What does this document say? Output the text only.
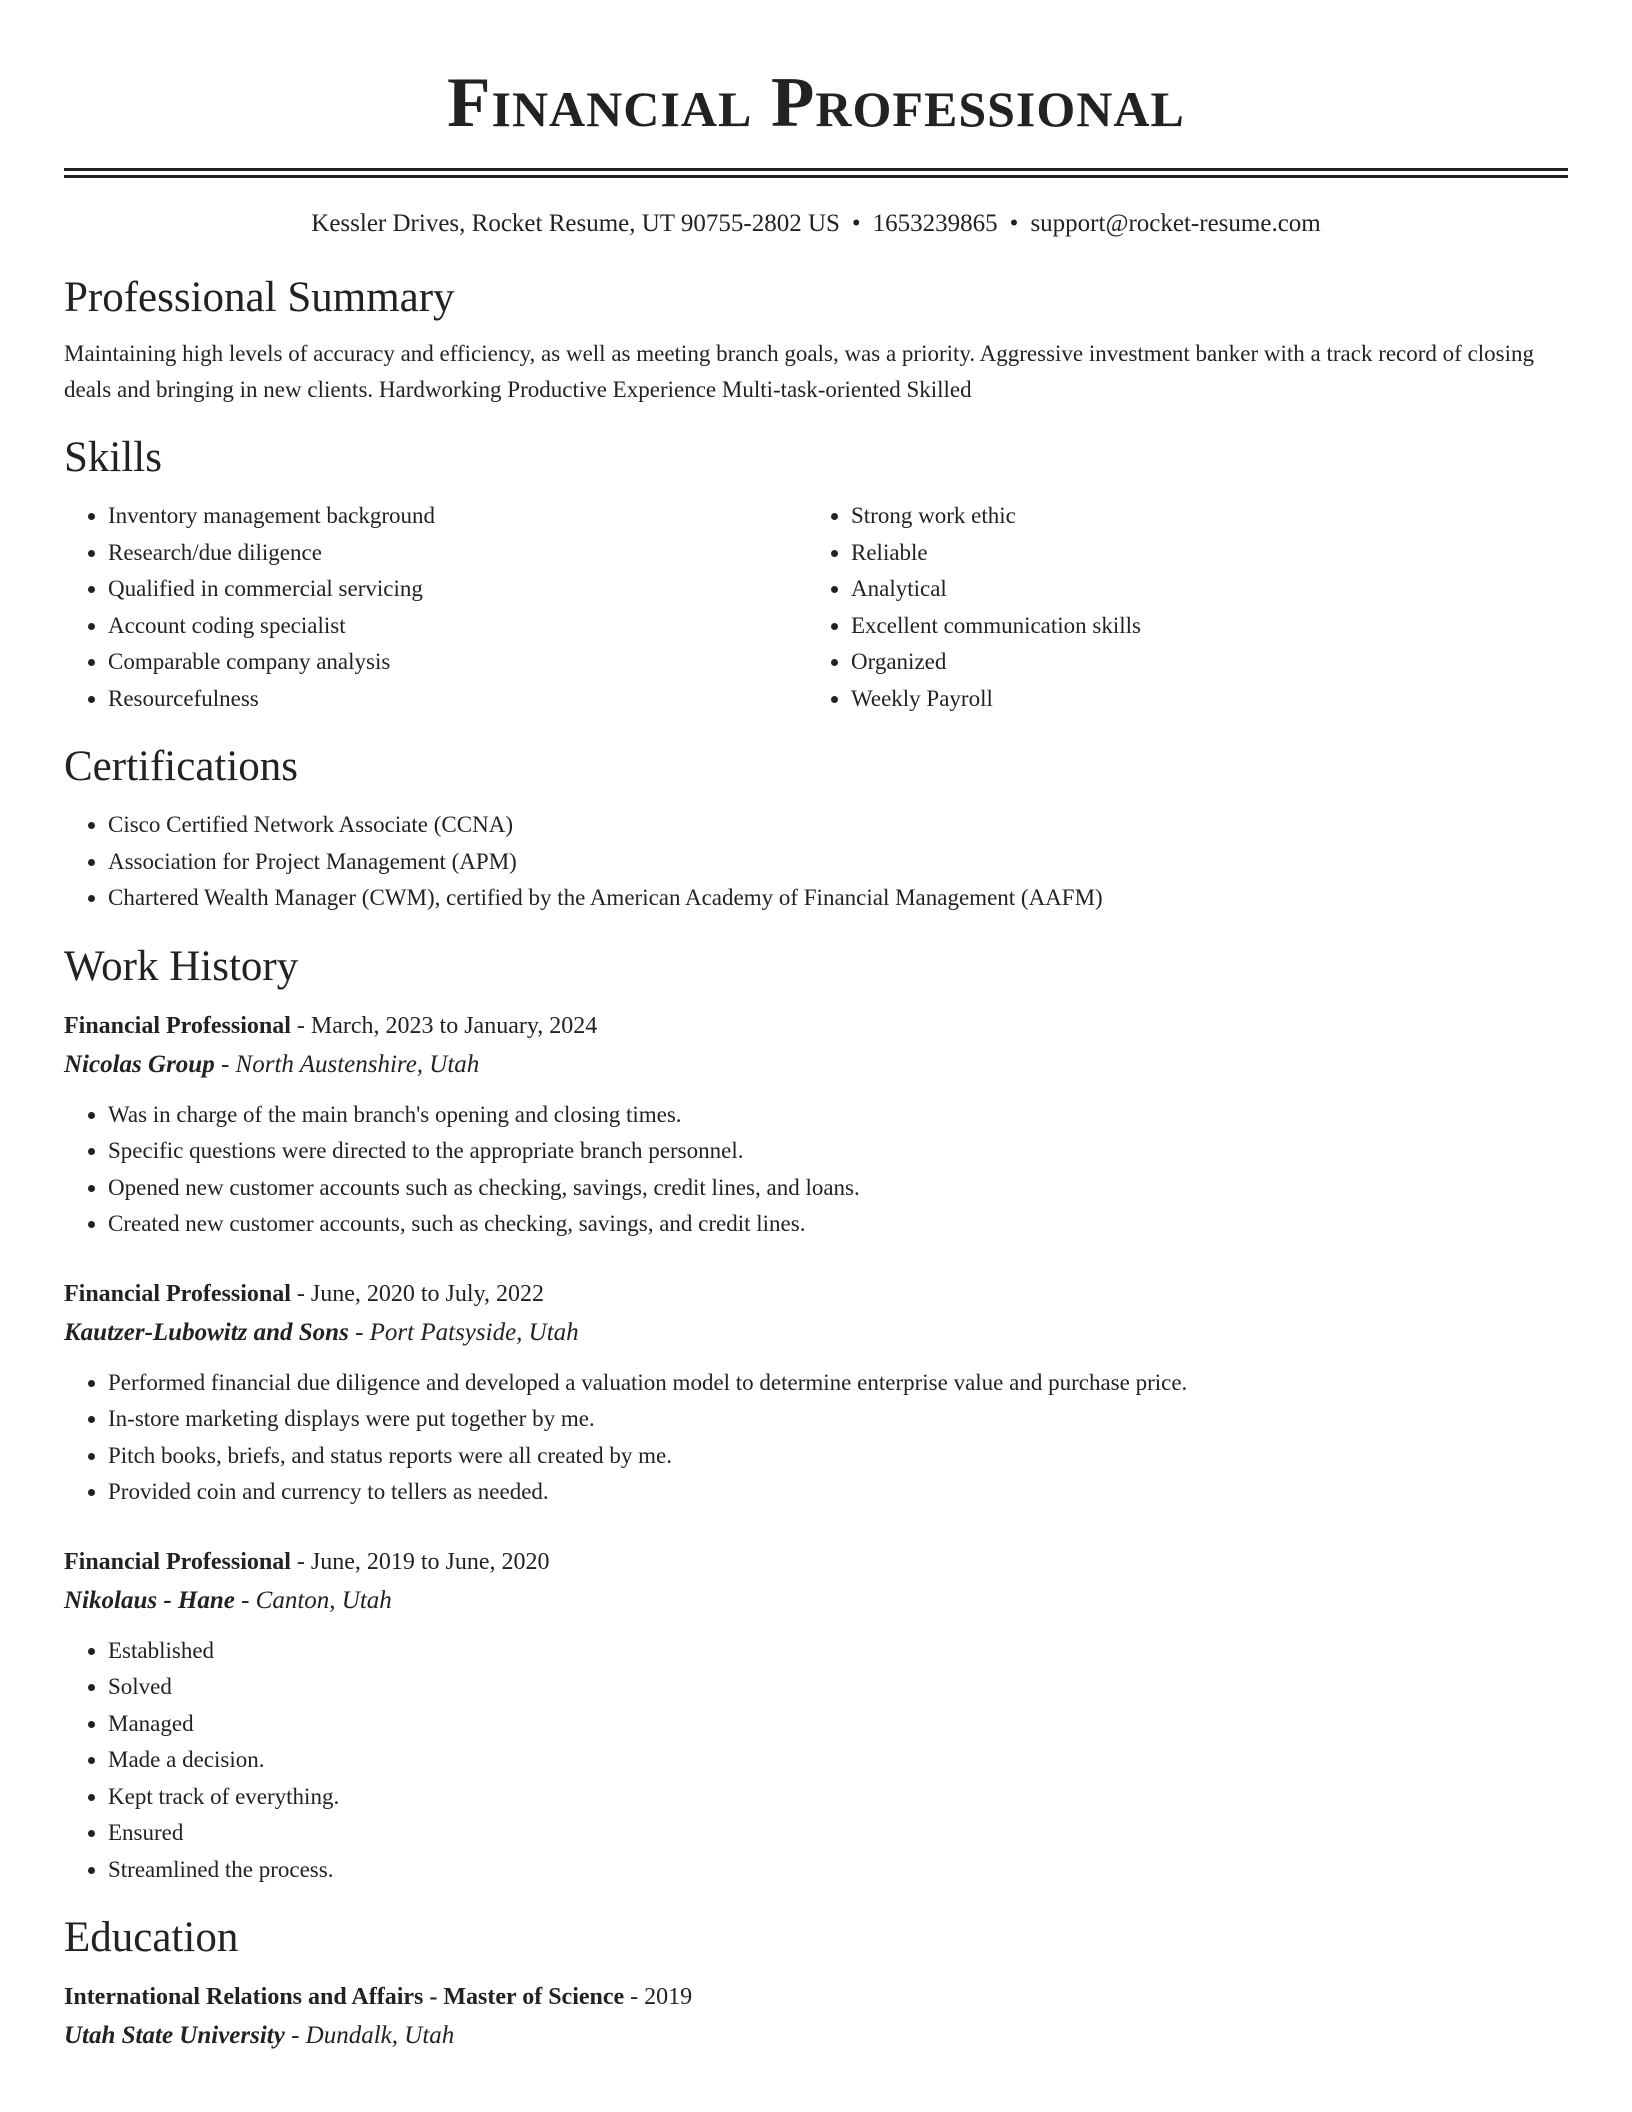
Financial Professional
Kessler Drives, Rocket Resume, UT 90755-2802 US • 1653239865 • support@rocket-resume.com
Professional Summary
Maintaining high levels of accuracy and efficiency, as well as meeting branch goals, was a priority. Aggressive investment banker with a track record of closing deals and bringing in new clients. Hardworking Productive Experience Multi-task-oriented Skilled
Skills
• Inventory management background
• Research/due diligence
• Qualified in commercial servicing
• Account coding specialist
• Comparable company analysis
• Resourcefulness
• Strong work ethic
• Reliable
• Analytical
• Excellent communication skills
• Organized
• Weekly Payroll
Certifications
• Cisco Certified Network Associate (CCNA)
• Association for Project Management (APM)
• Chartered Wealth Manager (CWM), certified by the American Academy of Financial Management (AAFM)
Work History
Financial Professional - March, 2023 to January, 2024
Nicolas Group - North Austenshire, Utah
• Was in charge of the main branch's opening and closing times.
• Specific questions were directed to the appropriate branch personnel.
• Opened new customer accounts such as checking, savings, credit lines, and loans.
• Created new customer accounts, such as checking, savings, and credit lines.
Financial Professional - June, 2020 to July, 2022
Kautzer-Lubowitz and Sons - Port Patsyside, Utah
• Performed financial due diligence and developed a valuation model to determine enterprise value and purchase price.
• In-store marketing displays were put together by me.
• Pitch books, briefs, and status reports were all created by me.
• Provided coin and currency to tellers as needed.
Financial Professional - June, 2019 to June, 2020
Nikolaus - Hane - Canton, Utah
• Established
• Solved
• Managed
• Made a decision.
• Kept track of everything.
• Ensured
• Streamlined the process.
Education
International Relations and Affairs - Master of Science - 2019
Utah State University - Dundalk, Utah
